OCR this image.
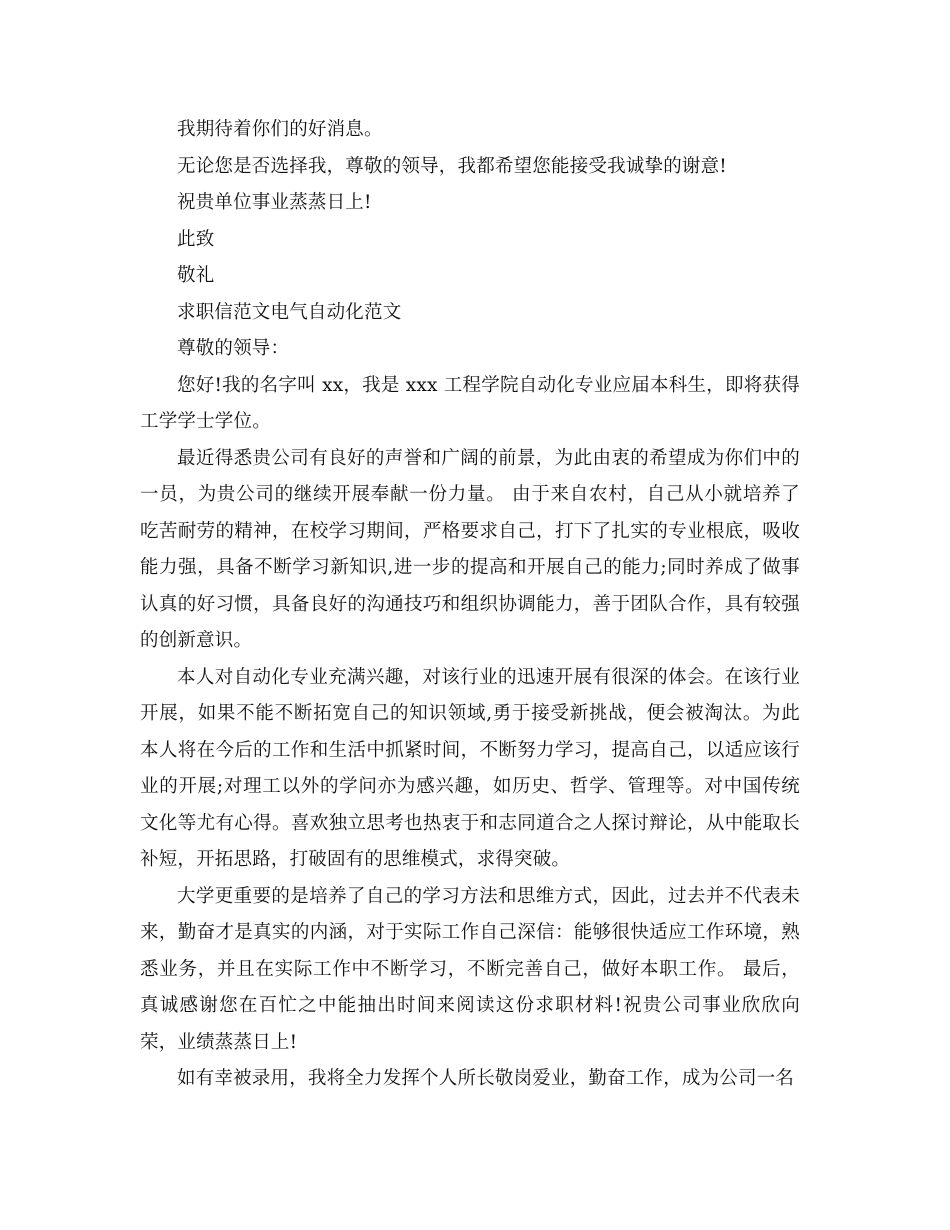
我期待着你们的好消息。

无论您是否选择我，尊敬的领导，我都希望您能接受我诚挚的谢意!

祝贵单位事业蒸蒸日上!

此致

敬礼

求职信范文电气自动化范文

尊敬的领导：

您好!我的名字叫 xx，我是 xxx 工程学院自动化专业应届本科生，即将获得工学学士学位。

最近得悉贵公司有良好的声誉和广阔的前景，为此由衷的希望成为你们中的一员，为贵公司的继续开展奉献一份力量。 由于来自农村，自己从小就培养了吃苦耐劳的精神，在校学习期间，严格要求自己，打下了扎实的专业根底，吸收能力强，具备不断学习新知识,进一步的提高和开展自己的能力;同时养成了做事认真的好习惯，具备良好的沟通技巧和组织协调能力，善于团队合作，具有较强的创新意识。

本人对自动化专业充满兴趣，对该行业的迅速开展有很深的体会。在该行业开展，如果不能不断拓宽自己的知识领域,勇于接受新挑战，便会被淘汰。为此本人将在今后的工作和生活中抓紧时间，不断努力学习，提高自己，以适应该行业的开展;对理工以外的学问亦为感兴趣，如历史、哲学、管理等。对中国传统文化等尤有心得。喜欢独立思考也热衷于和志同道合之人探讨辩论，从中能取长补短，开拓思路，打破固有的思维模式，求得突破。

大学更重要的是培养了自己的学习方法和思维方式，因此，过去并不代表未来，勤奋才是真实的内涵，对于实际工作自己深信：能够很快适应工作环境，熟悉业务，并且在实际工作中不断学习，不断完善自己，做好本职工作。 最后，真诚感谢您在百忙之中能抽出时间来阅读这份求职材料!祝贵公司事业欣欣向荣，业绩蒸蒸日上!

如有幸被录用，我将全力发挥个人所长敬岗爱业，勤奋工作，成为公司一名
